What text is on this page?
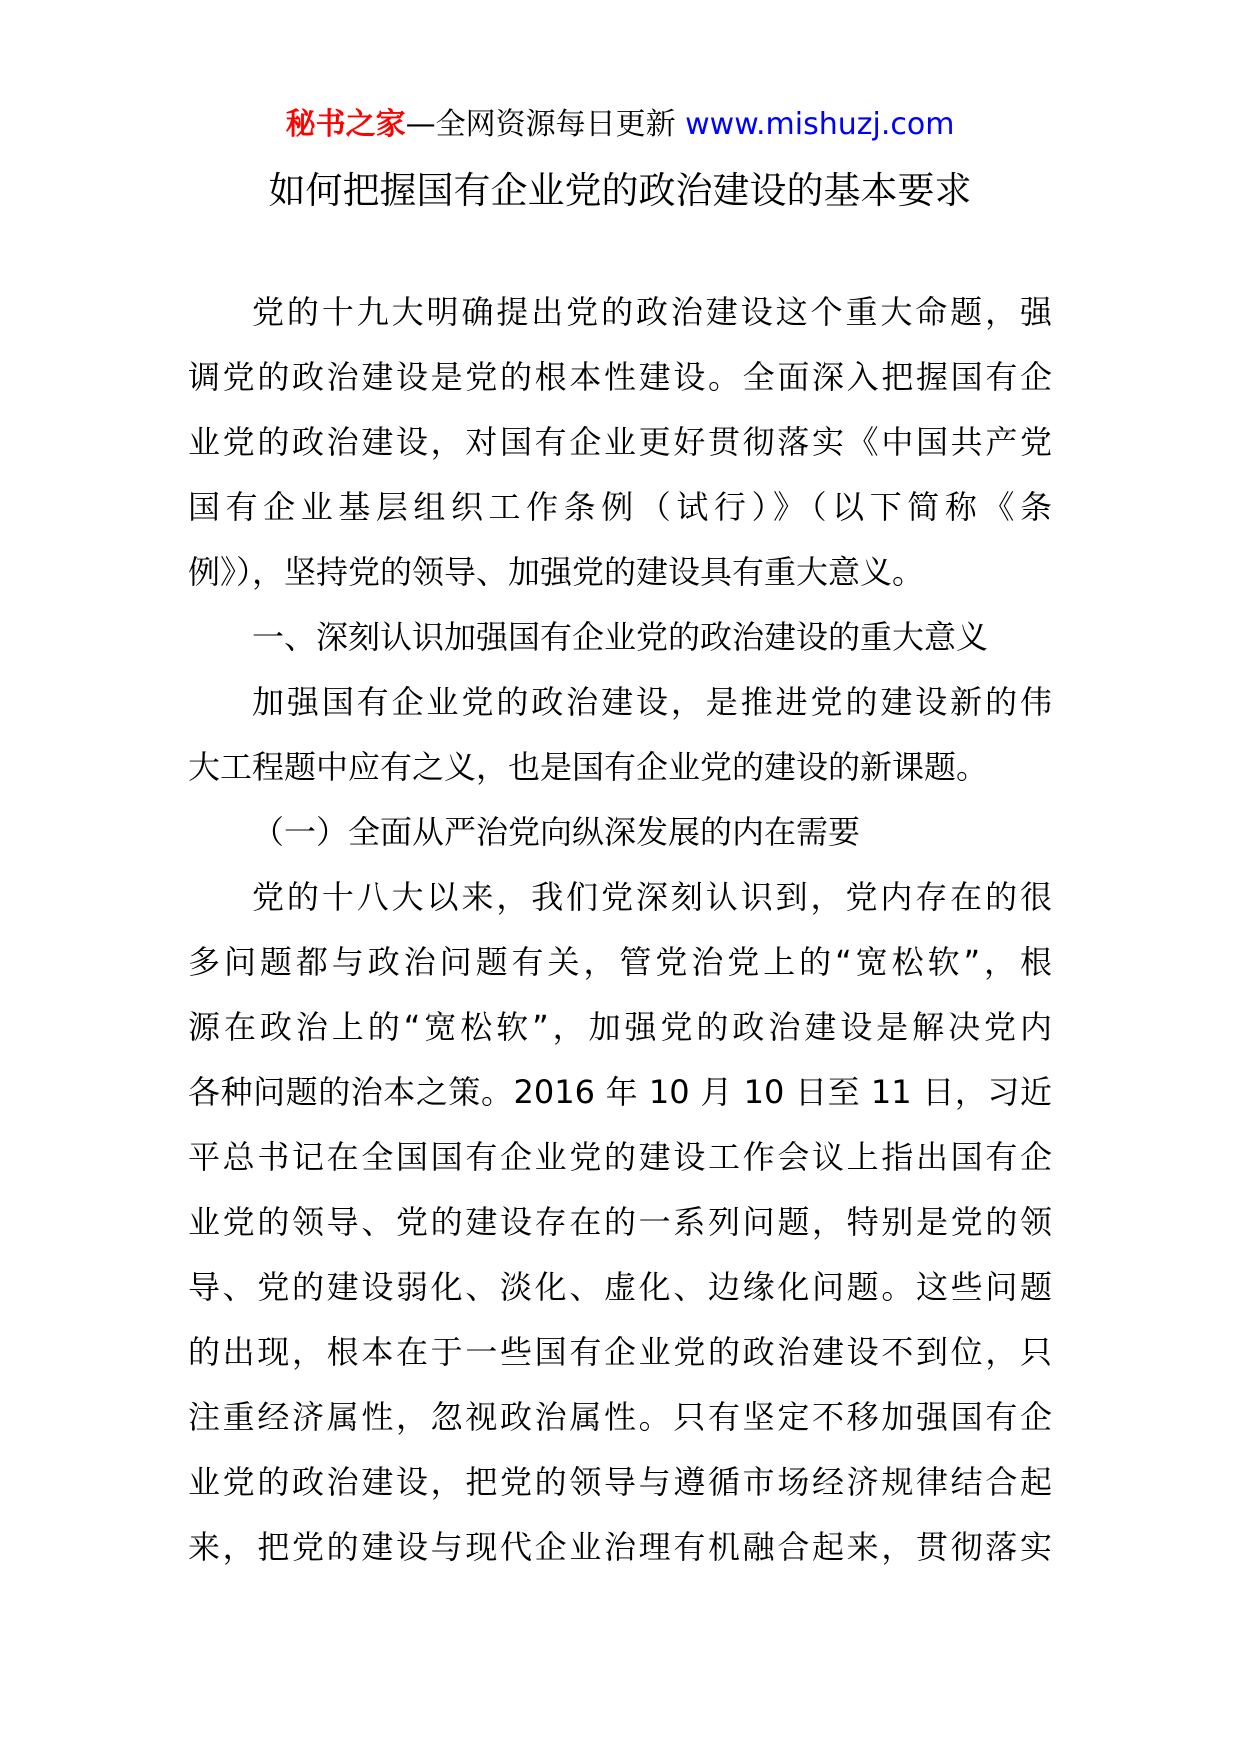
秘书之家—全网资源每日更新 www.mishuzj.com
如何把握国有企业党的政治建设的基本要求
党的十九大明确提出党的政治建设这个重大命题，强
调党的政治建设是党的根本性建设。全面深入把握国有企
业党的政治建设，对国有企业更好贯彻落实《中国共产党
国有企业基层组织工作条例（试行）》（以下简称《条
例》），坚持党的领导、加强党的建设具有重大意义。
一、深刻认识加强国有企业党的政治建设的重大意义
加强国有企业党的政治建设，是推进党的建设新的伟
大工程题中应有之义，也是国有企业党的建设的新课题。
（一）全面从严治党向纵深发展的内在需要
党的十八大以来，我们党深刻认识到，党内存在的很
多问题都与政治问题有关，管党治党上的“宽松软”，根
源在政治上的“宽松软”，加强党的政治建设是解决党内
各种问题的治本之策。2016 年 10 月 10 日至 11 日，习近
平总书记在全国国有企业党的建设工作会议上指出国有企
业党的领导、党的建设存在的一系列问题，特别是党的领
导、党的建设弱化、淡化、虚化、边缘化问题。这些问题
的出现，根本在于一些国有企业党的政治建设不到位，只
注重经济属性，忽视政治属性。只有坚定不移加强国有企
业党的政治建设，把党的领导与遵循市场经济规律结合起
来，把党的建设与现代企业治理有机融合起来，贯彻落实
